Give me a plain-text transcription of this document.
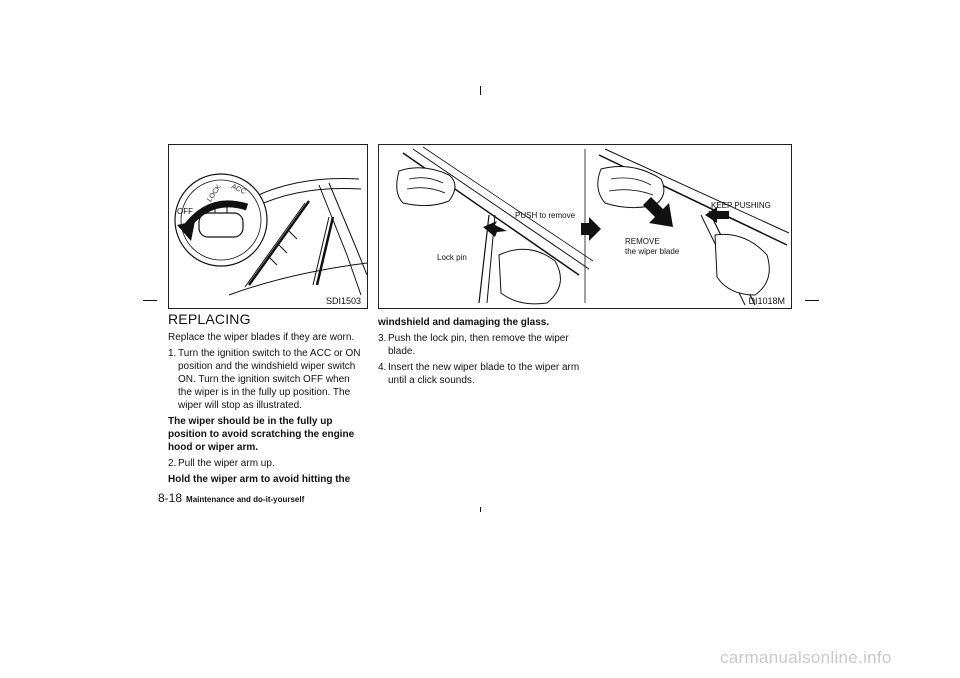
OFF
LOCK ACC
SDI1503
PUSH to remove
Lock pin
KEEP PUSHING
REMOVE
the wiper blade
DI1018M
REPLACING

Replace the wiper blades if they are worn.

1. Turn the ignition switch to the ACC or ON position and the windshield wiper switch ON. Turn the ignition switch OFF when the wiper is in the fully up position. The wiper will stop as illustrated.

The wiper should be in the fully up position to avoid scratching the engine hood or wiper arm.

2. Pull the wiper arm up.

Hold the wiper arm to avoid hitting the

windshield and damaging the glass.

3. Push the lock pin, then remove the wiper blade.

4. Insert the new wiper blade to the wiper arm until a click sounds.

8-18 Maintenance and do-it-yourself
carmanualsonline.info
